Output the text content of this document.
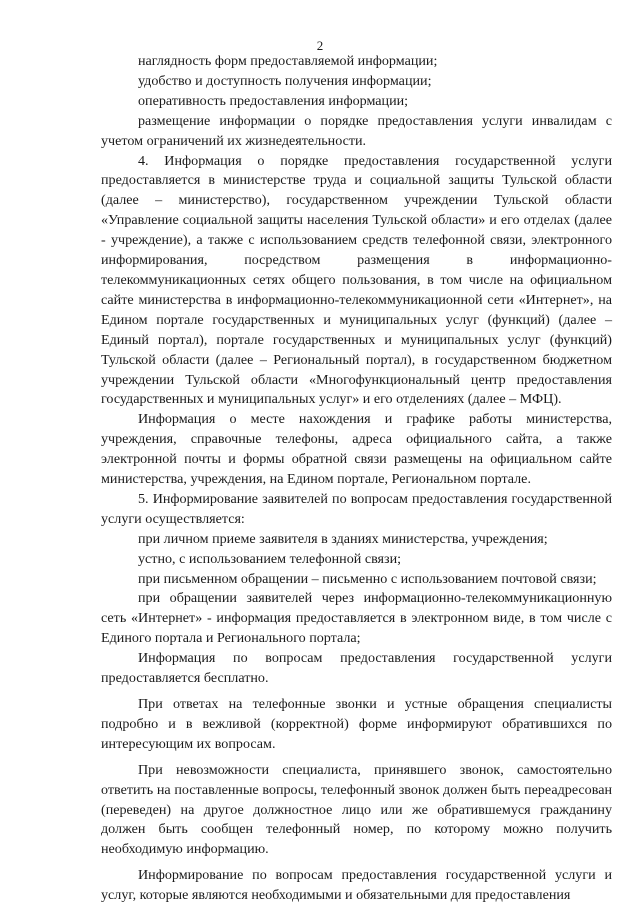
2

наглядность форм предоставляемой информации;

удобство и доступность получения информации;

оперативность предоставления информации;

размещение информации о порядке предоставления услуги инвалидам с учетом ограничений их жизнедеятельности.

4. Информация о порядке предоставления государственной услуги предоставляется в министерстве труда и социальной защиты Тульской области (далее – министерство), государственном учреждении Тульской области «Управление социальной защиты населения Тульской области» и его отделах (далее - учреждение), а также с использованием средств телефонной связи, электронного информирования, посредством размещения в информационно-телекоммуникационных сетях общего пользования, в том числе на официальном сайте министерства в информационно-телекоммуникационной сети «Интернет», на Едином портале государственных и муниципальных услуг (функций) (далее – Единый портал), портале государственных и муниципальных услуг (функций) Тульской области (далее – Региональный портал), в государственном бюджетном учреждении Тульской области «Многофункциональный центр предоставления государственных и муниципальных услуг» и его отделениях (далее – МФЦ).

Информация о месте нахождения и графике работы министерства, учреждения, справочные телефоны, адреса официального сайта, а также электронной почты и формы обратной связи размещены на официальном сайте министерства, учреждения, на Едином портале, Региональном портале.

5. Информирование заявителей по вопросам предоставления государственной услуги осуществляется:

при личном приеме заявителя в зданиях министерства, учреждения;

устно, с использованием телефонной связи;

при письменном обращении – письменно с использованием почтовой связи;

при обращении заявителей через информационно-телекоммуникационную сеть «Интернет» - информация предоставляется в электронном виде, в том числе с Единого портала и Регионального портала;

Информация по вопросам предоставления государственной услуги предоставляется бесплатно.

При ответах на телефонные звонки и устные обращения специалисты подробно и в вежливой (корректной) форме информируют обратившихся по интересующим их вопросам.

При невозможности специалиста, принявшего звонок, самостоятельно ответить на поставленные вопросы, телефонный звонок должен быть переадресован (переведен) на другое должностное лицо или же обратившемуся гражданину должен быть сообщен телефонный номер, по которому можно получить необходимую информацию.

Информирование по вопросам предоставления государственной услуги и услуг, которые являются необходимыми и обязательными для предоставления
